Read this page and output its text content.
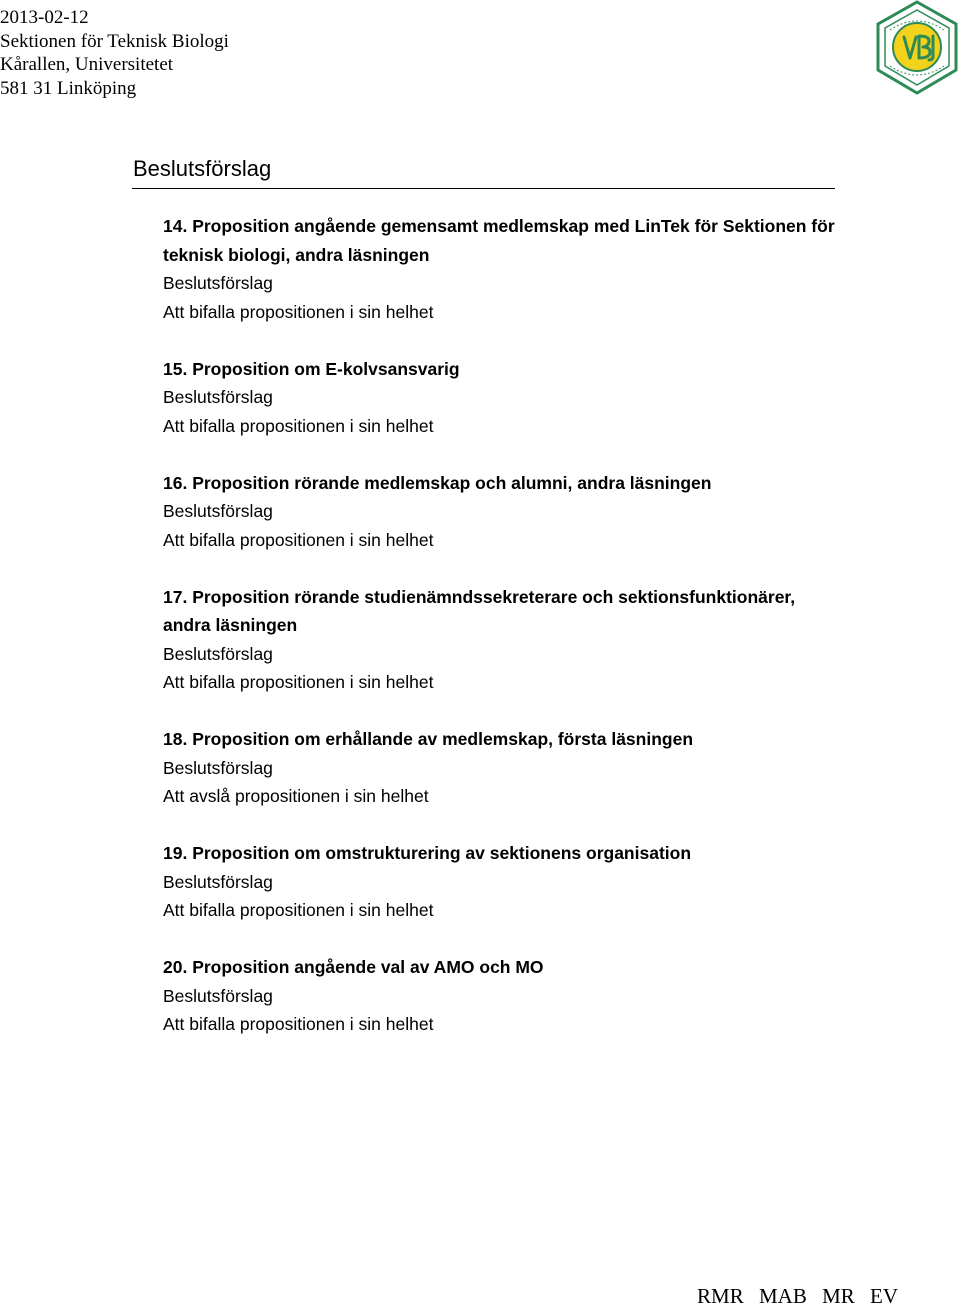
2013-02-12
Sektionen för Teknisk Biologi
Kårallen, Universitetet
581 31 Linköping
Beslutsförslag
14. Proposition angående gemensamt medlemskap med LinTek för Sektionen för teknisk biologi, andra läsningen
Beslutsförslag
Att bifalla propositionen i sin helhet
15. Proposition om E-kolvsansvarig
Beslutsförslag
Att bifalla propositionen i sin helhet
16. Proposition rörande medlemskap och alumni, andra läsningen
Beslutsförslag
Att bifalla propositionen i sin helhet
17. Proposition rörande studienämndssekreterare och sektionsfunktionärer, andra läsningen
Beslutsförslag
Att bifalla propositionen i sin helhet
18. Proposition om erhållande av medlemskap, första läsningen
Beslutsförslag
Att avslå propositionen i sin helhet
19. Proposition om omstrukturering av sektionens organisation
Beslutsförslag
Att bifalla propositionen i sin helhet
20. Proposition angående val av AMO och MO
Beslutsförslag
Att bifalla propositionen i sin helhet
RMR MAB MR EV
